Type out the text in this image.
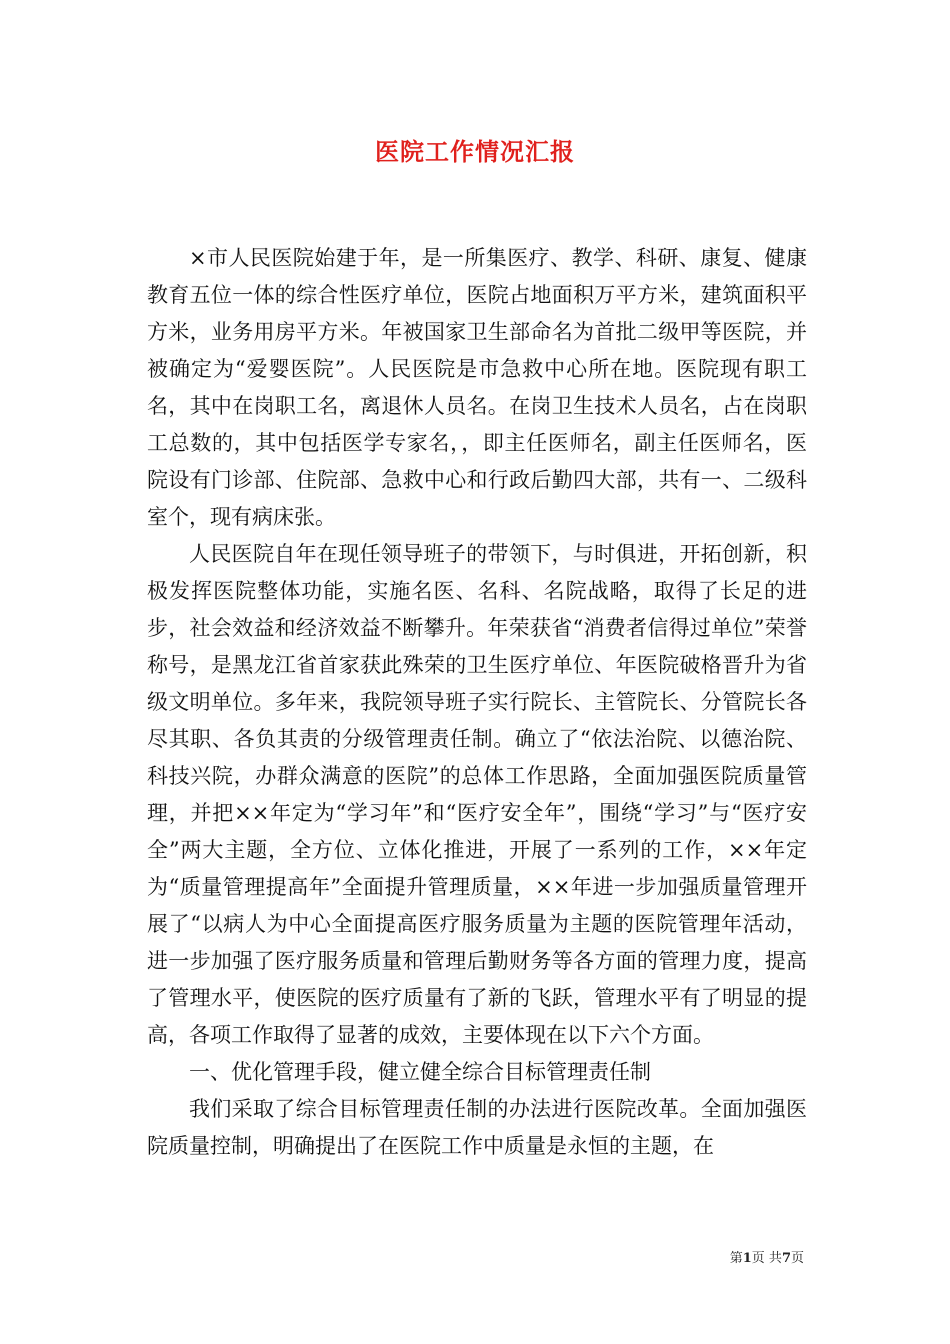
医院工作情况汇报

×市人民医院始建于年，是一所集医疗、教学、科研、康复、健康教育五位一体的综合性医疗单位，医院占地面积万平方米，建筑面积平方米，业务用房平方米。年被国家卫生部命名为首批二级甲等医院，并被确定为“爱婴医院”。人民医院是市急救中心所在地。医院现有职工名，其中在岗职工名，离退休人员名。在岗卫生技术人员名，占在岗职工总数的，其中包括医学专家名，，即主任医师名，副主任医师名，医院设有门诊部、住院部、急救中心和行政后勤四大部，共有一、二级科室个，现有病床张。

人民医院自年在现任领导班子的带领下，与时俱进，开拓创新，积极发挥医院整体功能，实施名医、名科、名院战略，取得了长足的进步，社会效益和经济效益不断攀升。年荣获省“消费者信得过单位”荣誉称号，是黑龙江省首家获此殊荣的卫生医疗单位、年医院破格晋升为省级文明单位。多年来，我院领导班子实行院长、主管院长、分管院长各尽其职、各负其责的分级管理责任制。确立了“依法治院、以德治院、科技兴院，办群众满意的医院”的总体工作思路，全面加强医院质量管理，并把××年定为“学习年”和“医疗安全年”，围绕“学习”与“医疗安全”两大主题，全方位、立体化推进，开展了一系列的工作，××年定为“质量管理提高年”全面提升管理质量，××年进一步加强质量管理开展了“以病人为中心全面提高医疗服务质量为主题的医院管理年活动，进一步加强了医疗服务质量和管理后勤财务等各方面的管理力度，提高了管理水平，使医院的医疗质量有了新的飞跃，管理水平有了明显的提高，各项工作取得了显著的成效，主要体现在以下六个方面。

一、优化管理手段，健立健全综合目标管理责任制

我们采取了综合目标管理责任制的办法进行医院改革。全面加强医院质量控制，明确提出了在医院工作中质量是永恒的主题，在

第1页 共7页
